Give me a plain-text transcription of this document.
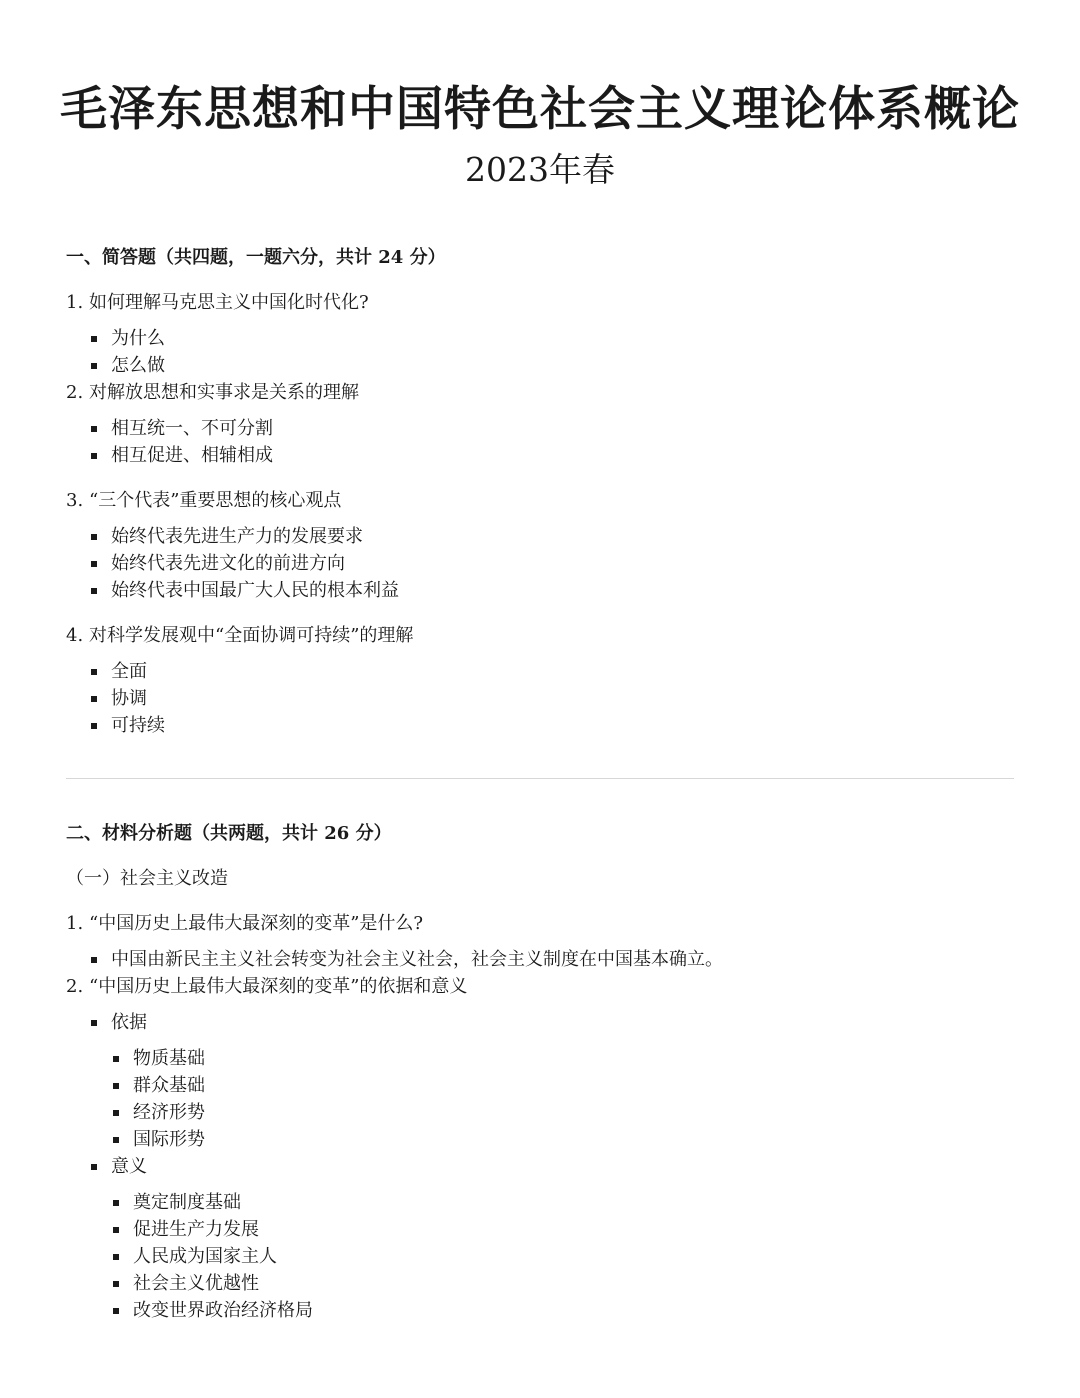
毛泽东思想和中国特色社会主义理论体系概论
2023年春
一、简答题（共四题，一题六分，共计 24 分）
1. 如何理解马克思主义中国化时代化?
为什么
怎么做
2. 对解放思想和实事求是关系的理解
相互统一、不可分割
相互促进、相辅相成
3. “三个代表”重要思想的核心观点
始终代表先进生产力的发展要求
始终代表先进文化的前进方向
始终代表中国最广大人民的根本利益
4. 对科学发展观中“全面协调可持续”的理解
全面
协调
可持续
二、材料分析题（共两题，共计 26 分）
（一）社会主义改造
1. “中国历史上最伟大最深刻的变革”是什么?
中国由新民主主义社会转变为社会主义社会，社会主义制度在中国基本确立。
2. “中国历史上最伟大最深刻的变革”的依据和意义
依据
物质基础
群众基础
经济形势
国际形势
意义
奠定制度基础
促进生产力发展
人民成为国家主人
社会主义优越性
改变世界政治经济格局
